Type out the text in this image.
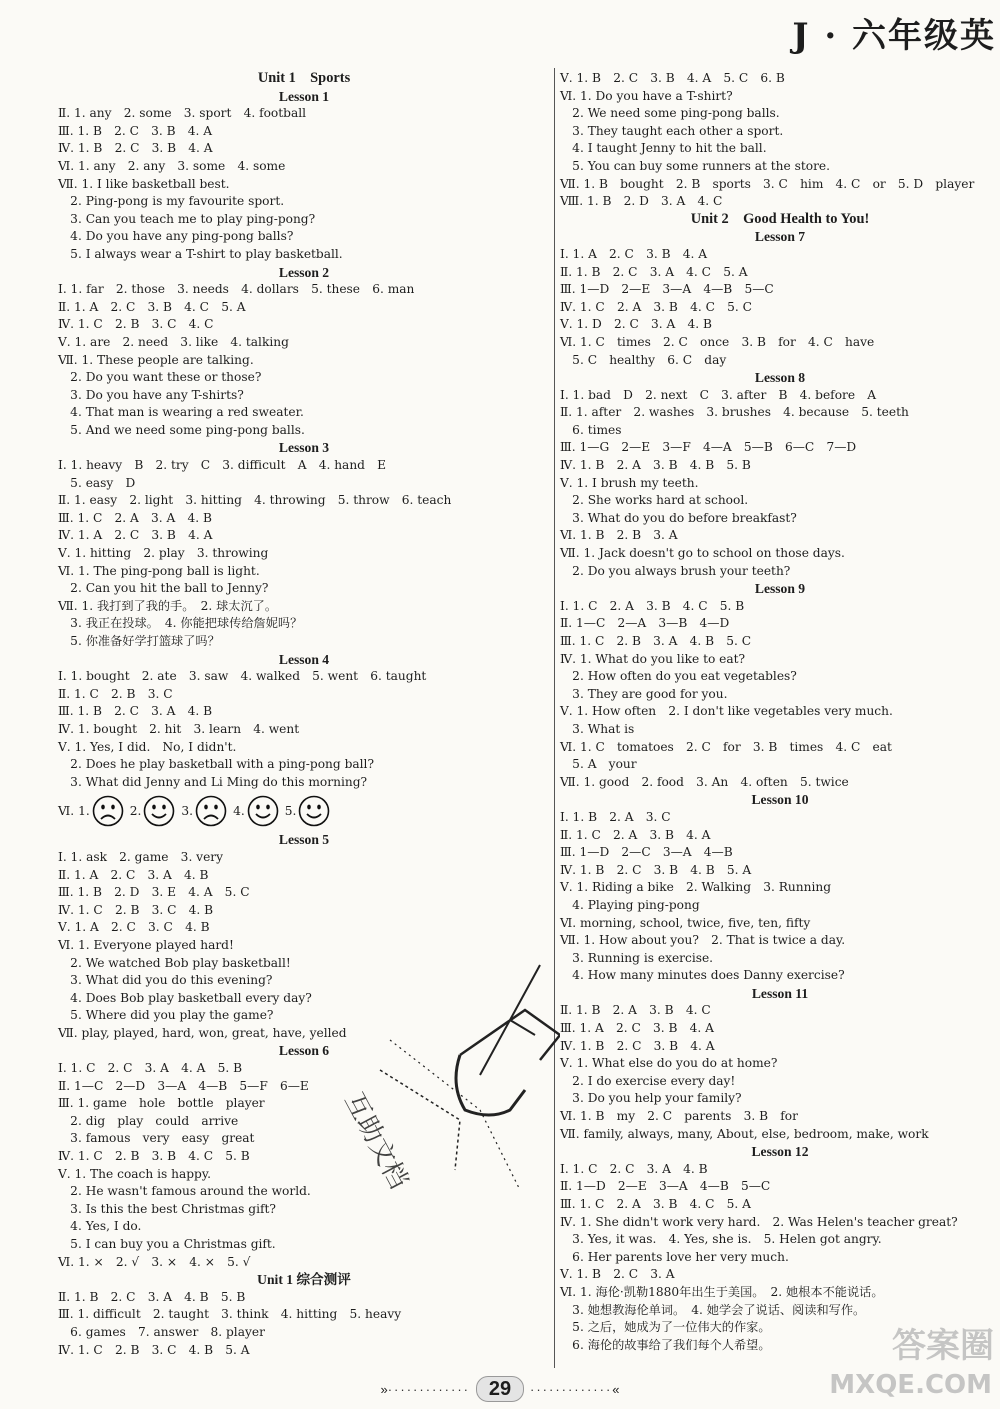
J · 六年级英
Unit 1　Sports
Lesson 1
Ⅱ. 1. any　2. some　3. sport　4. football
Ⅲ. 1. B　2. C　3. B　4. A
Ⅳ. 1. B　2. C　3. B　4. A
Ⅵ. 1. any　2. any　3. some　4. some
Ⅶ. 1. I like basketball best.
　2. Ping-pong is my favourite sport.
　3. Can you teach me to play ping-pong?
　4. Do you have any ping-pong balls?
　5. I always wear a T-shirt to play basketball.
Lesson 2
Ⅰ. 1. far　2. those　3. needs　4. dollars　5. these　6. man
Ⅱ. 1. A　2. C　3. B　4. C　5. A
Ⅳ. 1. C　2. B　3. C　4. C
Ⅴ. 1. are　2. need　3. like　4. talking
Ⅶ. 1. These people are talking.
　2. Do you want these or those?
　3. Do you have any T-shirts?
　4. That man is wearing a red sweater.
　5. And we need some ping-pong balls.
Lesson 3
Ⅰ. 1. heavy　B　2. try　C　3. difficult　A　4. hand　E
　5. easy　D
Ⅱ. 1. easy　2. light　3. hitting　4. throwing　5. throw　6. teach
Ⅲ. 1. C　2. A　3. A　4. B
Ⅳ. 1. A　2. C　3. B　4. A
Ⅴ. 1. hitting　2. play　3. throwing
Ⅵ. 1. The ping-pong ball is light.
　2. Can you hit the ball to Jenny?
Ⅶ. 1. 我打到了我的手。　2. 球太沉了。
　3. 我正在投球。　4. 你能把球传给詹妮吗？
　5. 你准备好学打篮球了吗？
Lesson 4
Ⅰ. 1. bought　2. ate　3. saw　4. walked　5. went　6. taught
Ⅱ. 1. C　2. B　3. C
Ⅲ. 1. B　2. C　3. A　4. B
Ⅳ. 1. bought　2. hit　3. learn　4. went
Ⅴ. 1. Yes, I did.　No, I didn't.
　2. Does he play basketball with a ping-pong ball?
　3. What did Jenny and Li Ming do this morning?
Ⅵ. 1.	2.	3.	4.	5.
Lesson 5
Ⅰ. 1. ask　2. game　3. very
Ⅱ. 1. A　2. C　3. A　4. B
Ⅲ. 1. B　2. D　3. E　4. A　5. C
Ⅳ. 1. C　2. B　3. C　4. B
Ⅴ. 1. A　2. C　3. C　4. B
Ⅵ. 1. Everyone played hard!
　2. We watched Bob play basketball!
　3. What did you do this evening?
　4. Does Bob play basketball every day?
　5. Where did you play the game?
Ⅶ. play, played, hard, won, great, have, yelled
Lesson 6
Ⅰ. 1. C　2. C　3. A　4. A　5. B
Ⅱ. 1—C　2—D　3—A　4—B　5—F　6—E
Ⅲ. 1. game　hole　bottle　player
　2. dig　play　could　arrive
　3. famous　very　easy　great
Ⅳ. 1. C　2. B　3. B　4. C　5. B
Ⅴ. 1. The coach is happy.
　2. He wasn't famous around the world.
　3. Is this the best Christmas gift?
　4. Yes, I do.
　5. I can buy you a Christmas gift.
Ⅵ. 1. ×　2. √　3. ×　4. ×　5. √
Unit 1 综合测评
Ⅱ. 1. B　2. C　3. A　4. B　5. B
Ⅲ. 1. difficult　2. taught　3. think　4. hitting　5. heavy
　6. games　7. answer　8. player
Ⅳ. 1. C　2. B　3. C　4. B　5. A
Ⅴ. 1. B　2. C　3. B　4. A　5. C　6. B
Ⅵ. 1. Do you have a T-shirt?
　2. We need some ping-pong balls.
　3. They taught each other a sport.
　4. I taught Jenny to hit the ball.
　5. You can buy some runners at the store.
Ⅶ. 1. B　bought　2. B　sports　3. C　him　4. C　or　5. D　player
Ⅷ. 1. B　2. D　3. A　4. C
Unit 2　Good Health to You!
Lesson 7
Ⅰ. 1. A　2. C　3. B　4. A
Ⅱ. 1. B　2. C　3. A　4. C　5. A
Ⅲ. 1—D　2—E　3—A　4—B　5—C
Ⅳ. 1. C　2. A　3. B　4. C　5. C
Ⅴ. 1. D　2. C　3. A　4. B
Ⅵ. 1. C　times　2. C　once　3. B　for　4. C　have
　5. C　healthy　6. C　day
Lesson 8
Ⅰ. 1. bad　D　2. next　C　3. after　B　4. before　A
Ⅱ. 1. after　2. washes　3. brushes　4. because　5. teeth
　6. times
Ⅲ. 1—G　2—E　3—F　4—A　5—B　6—C　7—D
Ⅳ. 1. B　2. A　3. B　4. B　5. B
Ⅴ. 1. I brush my teeth.
　2. She works hard at school.
　3. What do you do before breakfast?
Ⅵ. 1. B　2. B　3. A
Ⅶ. 1. Jack doesn't go to school on those days.
　2. Do you always brush your teeth?
Lesson 9
Ⅰ. 1. C　2. A　3. B　4. C　5. B
Ⅱ. 1—C　2—A　3—B　4—D
Ⅲ. 1. C　2. B　3. A　4. B　5. C
Ⅳ. 1. What do you like to eat?
　2. How often do you eat vegetables?
　3. They are good for you.
Ⅴ. 1. How often　2. I don't like vegetables very much.
　3. What is
Ⅵ. 1. C　tomatoes　2. C　for　3. B　times　4. C　eat
　5. A　your
Ⅶ. 1. good　2. food　3. An　4. often　5. twice
Lesson 10
Ⅰ. 1. B　2. A　3. C
Ⅱ. 1. C　2. A　3. B　4. A
Ⅲ. 1—D　2—C　3—A　4—B
Ⅳ. 1. B　2. C　3. B　4. B　5. A
Ⅴ. 1. Riding a bike　2. Walking　3. Running
　4. Playing ping-pong
Ⅵ. morning, school, twice, five, ten, fifty
Ⅶ. 1. How about you?　2. That is twice a day.
　3. Running is exercise.
　4. How many minutes does Danny exercise?
Lesson 11
Ⅱ. 1. B　2. A　3. B　4. C
Ⅲ. 1. A　2. C　3. B　4. A
Ⅳ. 1. B　2. C　3. B　4. A
Ⅴ. 1. What else do you do at home?
　2. I do exercise every day!
　3. Do you help your family?
Ⅵ. 1. B　my　2. C　parents　3. B　for
Ⅶ. family, always, many, About, else, bedroom, make, work
Lesson 12
Ⅰ. 1. C　2. C　3. A　4. B
Ⅱ. 1—D　2—E　3—A　4—B　5—C
Ⅲ. 1. C　2. A　3. B　4. C　5. A
Ⅳ. 1. She didn't work very hard.　2. Was Helen's teacher great?
　3. Yes, it was.　4. Yes, she is.　5. Helen got angry.
　6. Her parents love her very much.
Ⅴ. 1. B　2. C　3. A
Ⅵ. 1. 海伦·凯勒1880年出生于美国。　2. 她根本不能说话。
　3. 她想教海伦单词。　4. 她学会了说话、阅读和写作。
　5. 之后，她成为了一位伟大的作家。
　6. 海伦的故事给了我们每个人希望。
互助文档
答案圈
MXQE.COM
» ············· 29	············· «
